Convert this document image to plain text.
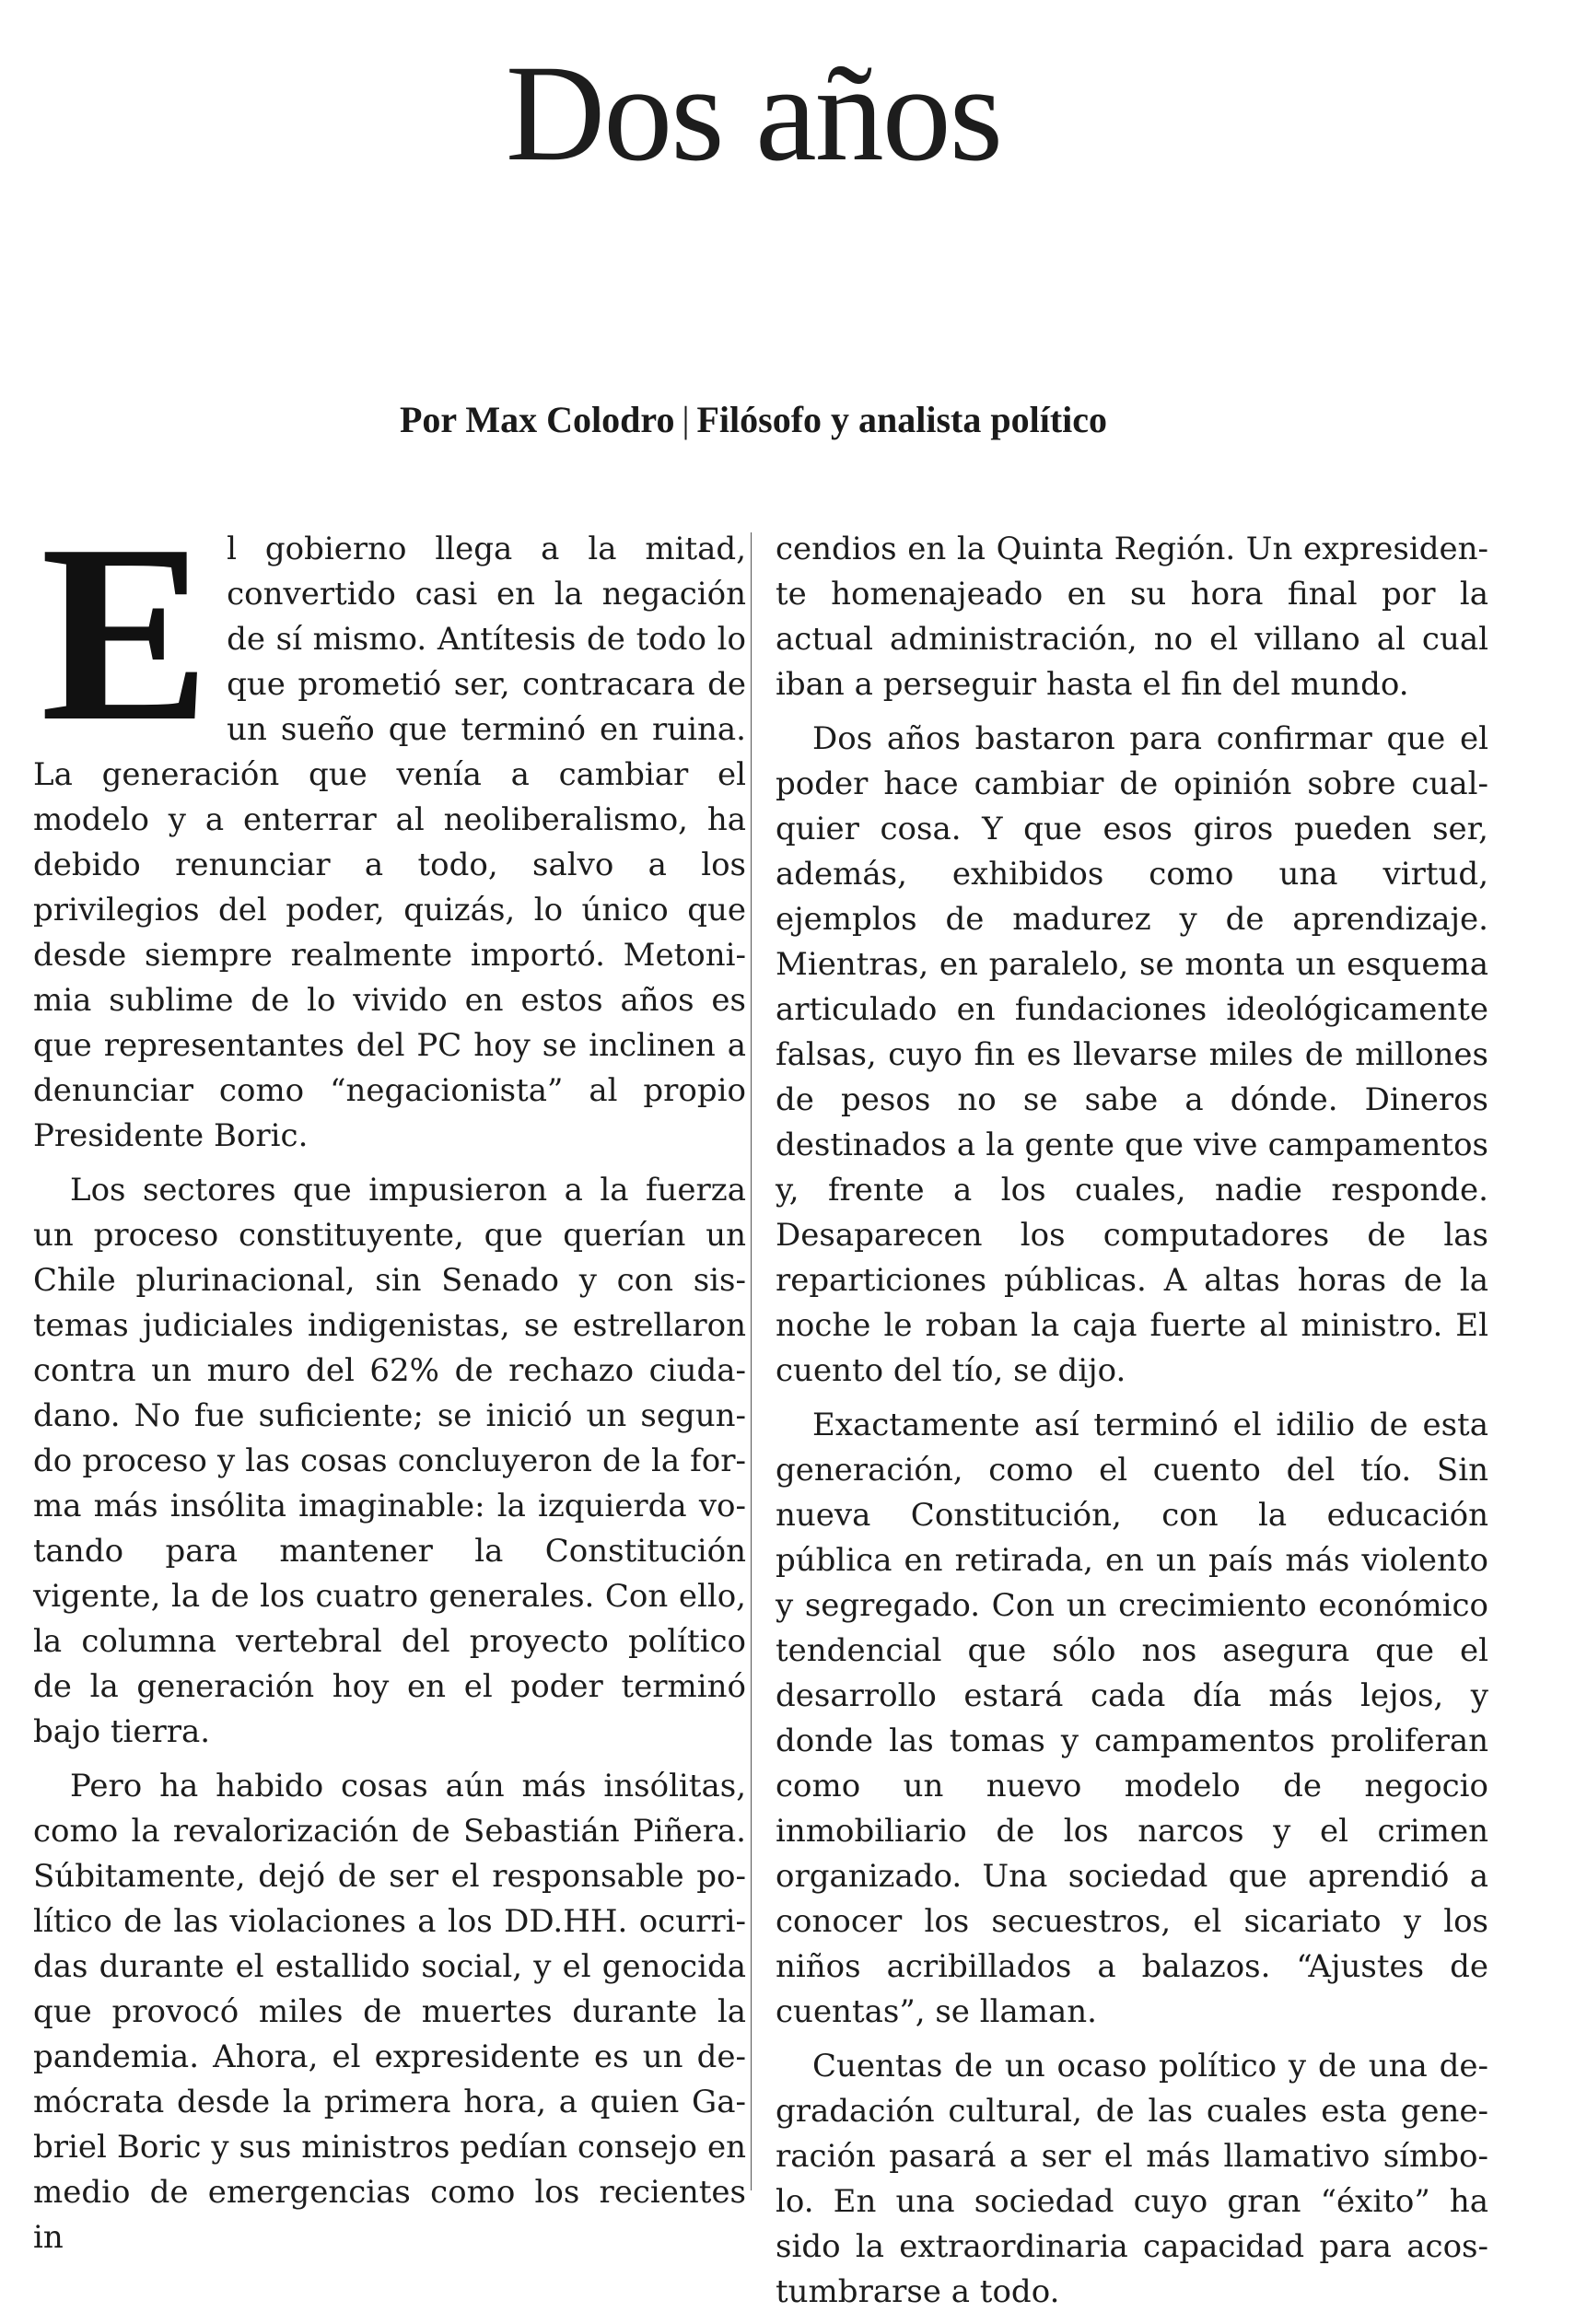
Dos años
Por Max Colodro | Filósofo y analista político

E l gobierno llega a la mitad, convertido casi en la negación de sí mismo. Antítesis de todo lo que prometió ser, contracara de un sueño que terminó en ruina. La generación que venía a cambiar el modelo y a enterrar al neoliberalismo, ha debido renunciar a todo, salvo a los privilegios del poder, quizás, lo único que desde siempre realmente importó. Metonimia sublime de lo vivido en estos años es que representantes del PC hoy se inclinen a denunciar como “negacionista” al propio Presidente Boric.

Los sectores que impusieron a la fuerza un proceso constituyente, que querían un Chile plurinacional, sin Senado y con sistemas judiciales indigenistas, se estrellaron contra un muro del 62% de rechazo ciudadano. No fue suficiente; se inició un segundo proceso y las cosas concluyeron de la forma más insólita imaginable: la izquierda votando para mantener la Constitución vigente, la de los cuatro generales. Con ello, la columna vertebral del proyecto político de la generación hoy en el poder terminó bajo tierra.

Pero ha habido cosas aún más insólitas, como la revalorización de Sebastián Piñera. Súbitamente, dejó de ser el responsable político de las violaciones a los DD.HH. ocurridas durante el estallido social, y el genocida que provocó miles de muertes durante la pandemia. Ahora, el expresidente es un demócrata desde la primera hora, a quien Gabriel Boric y sus ministros pedían consejo en medio de emergencias como los recientes in

cendios en la Quinta Región. Un expresidente homenajeado en su hora final por la actual administración, no el villano al cual iban a perseguir hasta el fin del mundo.

Dos años bastaron para confirmar que el poder hace cambiar de opinión sobre cualquier cosa. Y que esos giros pueden ser, además, exhibidos como una virtud, ejemplos de madurez y de aprendizaje. Mientras, en paralelo, se monta un esquema articulado en fundaciones ideológicamente falsas, cuyo fin es llevarse miles de millones de pesos no se sabe a dónde. Dineros destinados a la gente que vive campamentos y, frente a los cuales, nadie responde. Desaparecen los computadores de las reparticiones públicas. A altas horas de la noche le roban la caja fuerte al ministro. El cuento del tío, se dijo.

Exactamente así terminó el idilio de esta generación, como el cuento del tío. Sin nueva Constitución, con la educación pública en retirada, en un país más violento y segregado. Con un crecimiento económico tendencial que sólo nos asegura que el desarrollo estará cada día más lejos, y donde las tomas y campamentos proliferan como un nuevo modelo de negocio inmobiliario de los narcos y el crimen organizado. Una sociedad que aprendió a conocer los secuestros, el sicariato y los niños acribillados a balazos. “Ajustes de cuentas”, se llaman.

Cuentas de un ocaso político y de una degradación cultural, de las cuales esta generación pasará a ser el más llamativo símbolo. En una sociedad cuyo gran “éxito” ha sido la extraordinaria capacidad para acostumbrarse a todo.
